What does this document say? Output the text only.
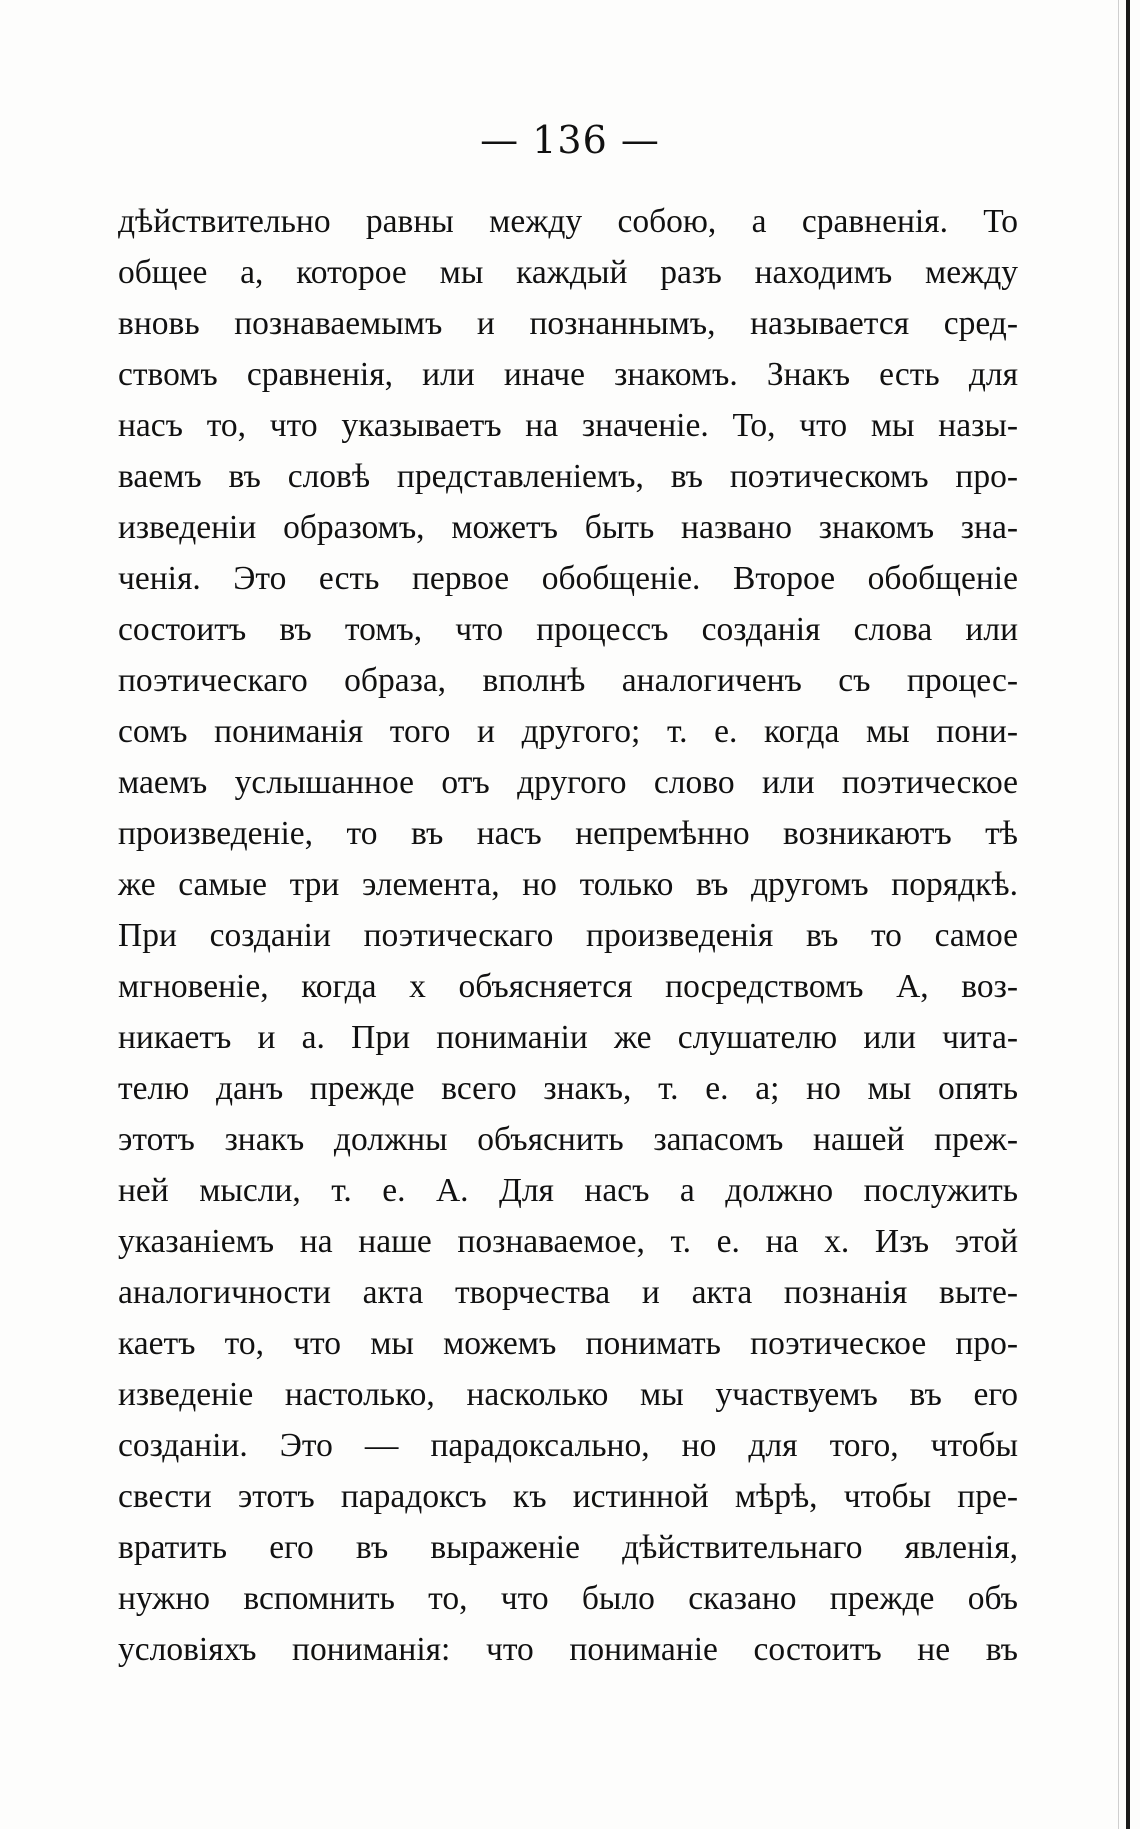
— 136 —
дѣйствительно равны между собою, а сравненія. То
общее а, которое мы каждый разъ находимъ между
вновь познаваемымъ и познаннымъ, называется сред-
ствомъ сравненія, или иначе знакомъ. Знакъ есть для
насъ то, что указываетъ на значеніе. То, что мы назы-
ваемъ въ словѣ представленіемъ, въ поэтическомъ про-
изведеніи образомъ, можетъ быть названо знакомъ зна-
ченія. Это есть первое обобщеніе. Второе обобщеніе
состоитъ въ томъ, что процессъ созданія слова или
поэтическаго образа, вполнѣ аналогиченъ съ процес-
сомъ пониманія того и другого; т. е. когда мы пони-
маемъ услышанное отъ другого слово или поэтическое
произведеніе, то въ насъ непремѣнно возникаютъ тѣ
же самые три элемента, но только въ другомъ порядкѣ.
При созданіи поэтическаго произведенія въ то самое
мгновеніе, когда x объясняется посредствомъ A, воз-
никаетъ и a. При пониманіи же слушателю или чита-
телю данъ прежде всего знакъ, т. е. a; но мы опять
этотъ знакъ должны объяснить запасомъ нашей преж-
ней мысли, т. е. A. Для насъ a должно послужить
указаніемъ на наше познаваемое, т. е. на x. Изъ этой
аналогичности акта творчества и акта познанія выте-
каетъ то, что мы можемъ понимать поэтическое про-
изведеніе настолько, насколько мы участвуемъ въ его
созданіи. Это — парадоксально, но для того, чтобы
свести этотъ парадоксъ къ истинной мѣрѣ, чтобы пре-
вратить его въ выраженіе дѣйствительнаго явленія,
нужно вспомнить то, что было сказано прежде объ
условіяхъ пониманія: что пониманіе состоитъ не въ
